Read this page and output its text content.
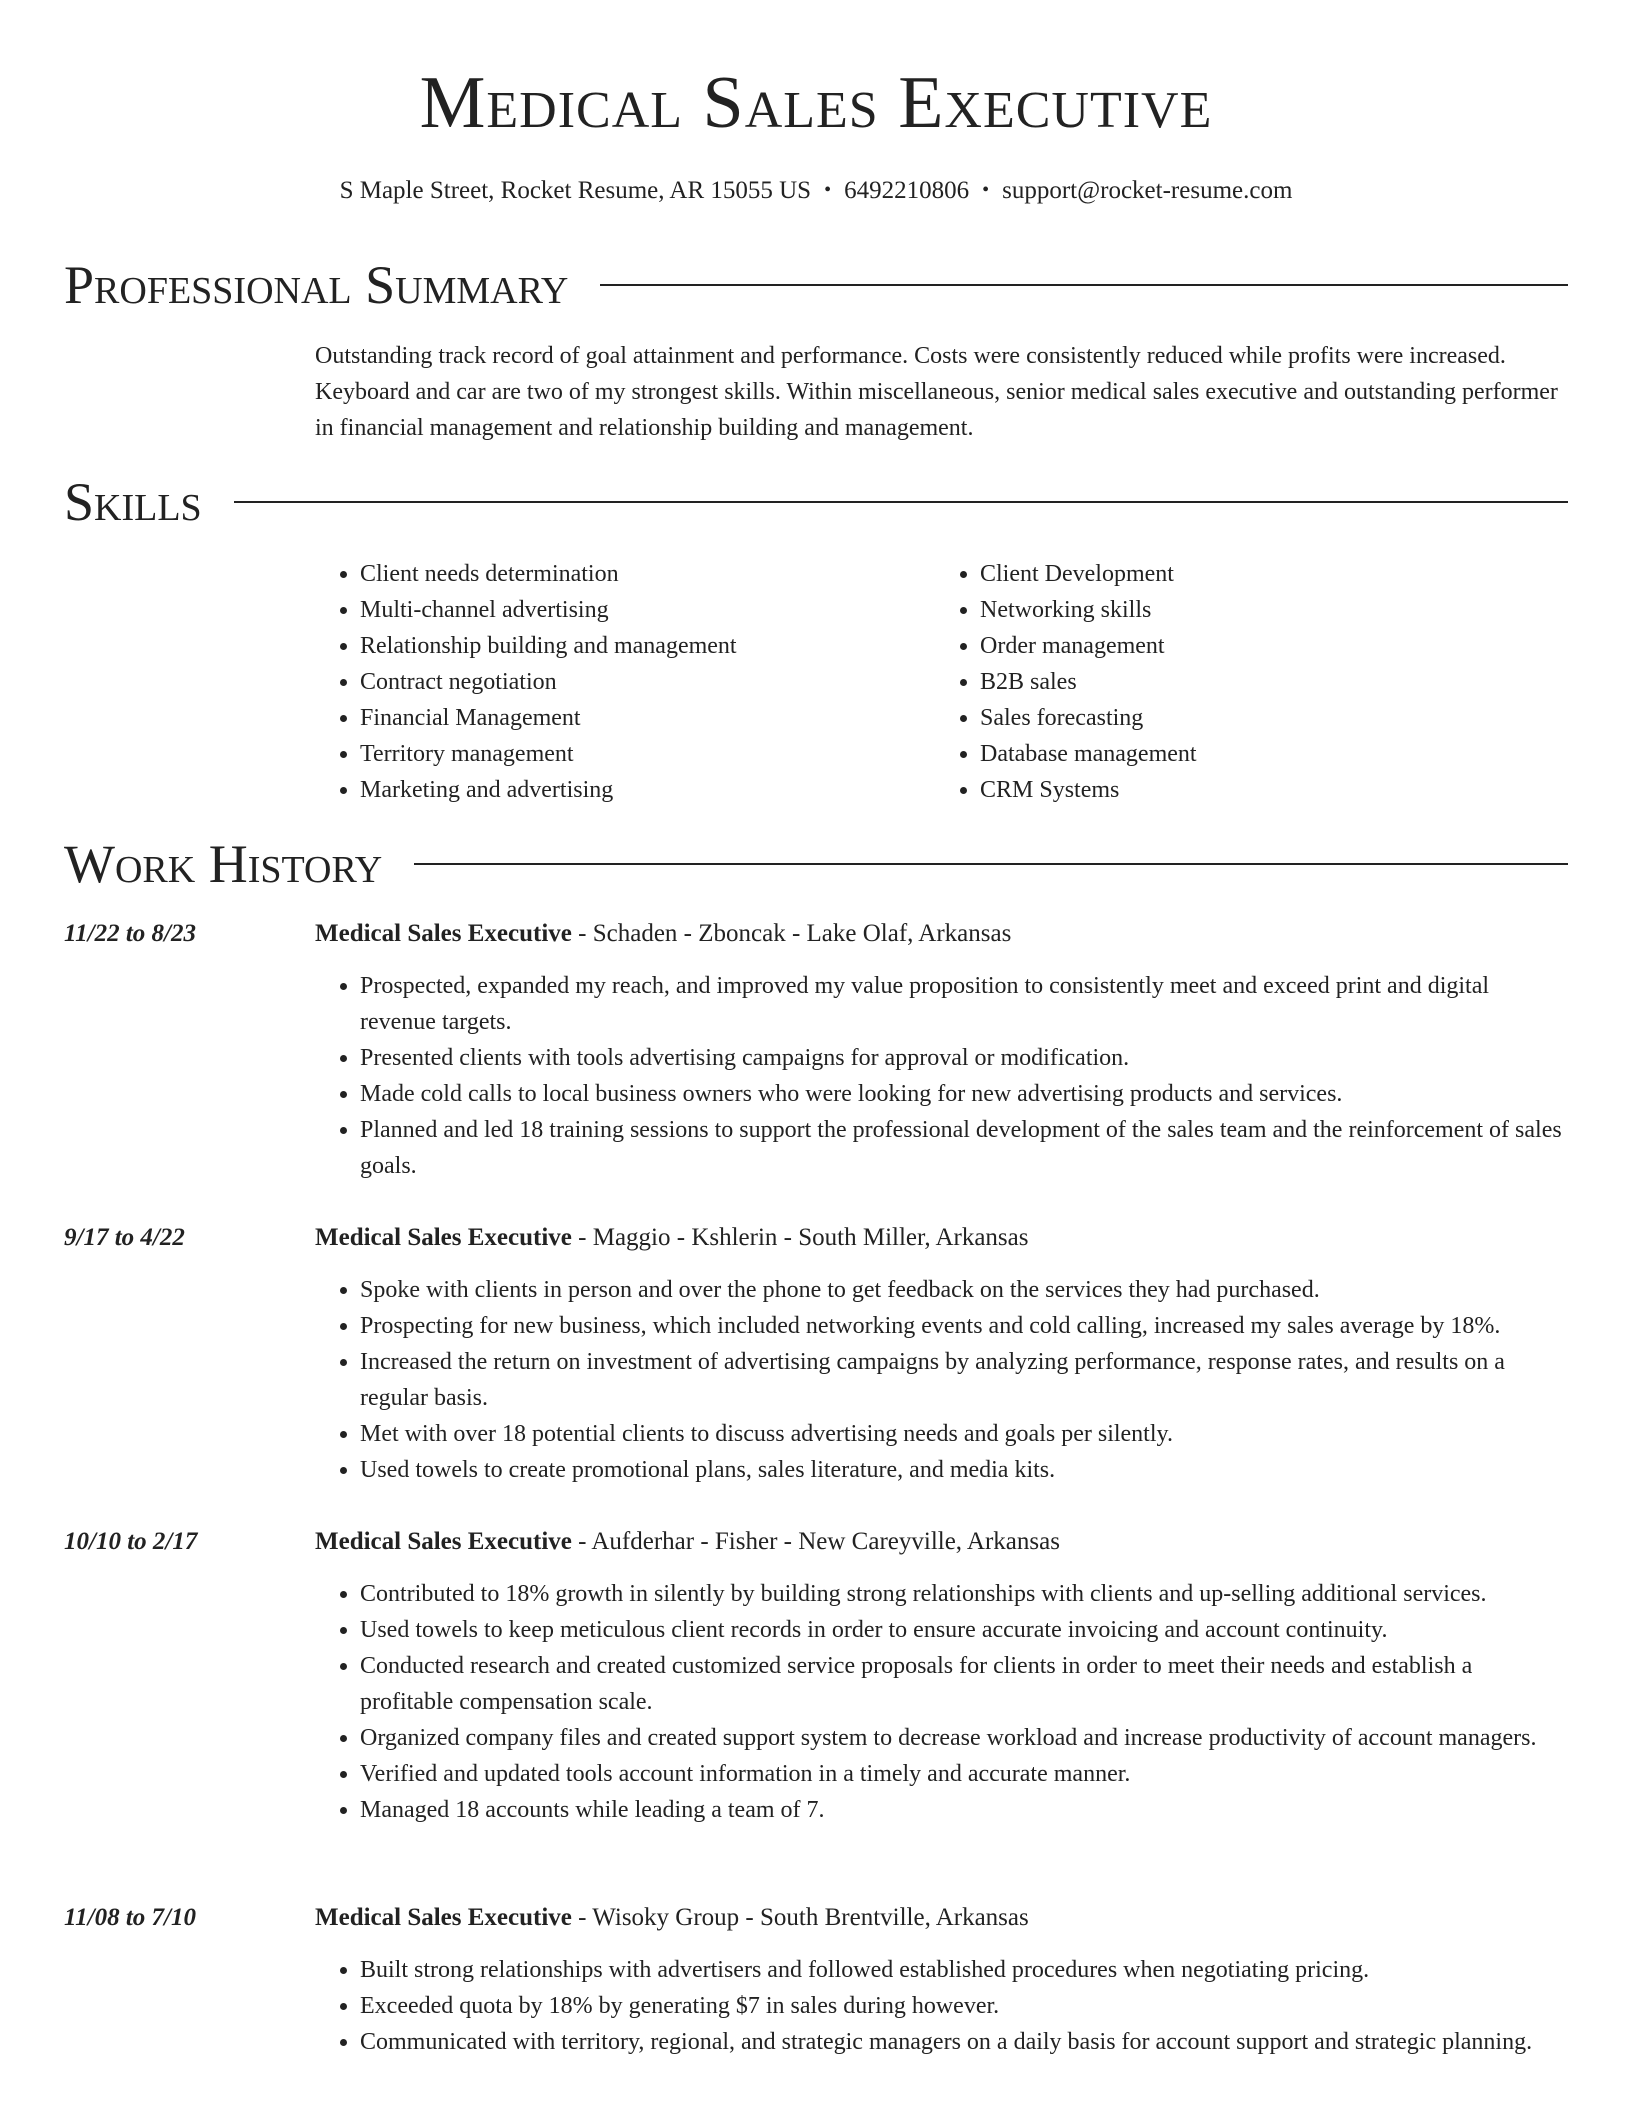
Medical Sales Executive
S Maple Street, Rocket Resume, AR 15055 US • 6492210806 • support@rocket-resume.com
Professional Summary
Outstanding track record of goal attainment and performance. Costs were consistently reduced while profits were increased. Keyboard and car are two of my strongest skills. Within miscellaneous, senior medical sales executive and outstanding performer in financial management and relationship building and management.
Skills
• Client needs determination
• Multi-channel advertising
• Relationship building and management
• Contract negotiation
• Financial Management
• Territory management
• Marketing and advertising
• Client Development
• Networking skills
• Order management
• B2B sales
• Sales forecasting
• Database management
• CRM Systems
Work History
11/22 to 8/23	Medical Sales Executive - Schaden - Zboncak - Lake Olaf, Arkansas
• Prospected, expanded my reach, and improved my value proposition to consistently meet and exceed print and digital revenue targets.
• Presented clients with tools advertising campaigns for approval or modification.
• Made cold calls to local business owners who were looking for new advertising products and services.
• Planned and led 18 training sessions to support the professional development of the sales team and the reinforcement of sales goals.
9/17 to 4/22	Medical Sales Executive - Maggio - Kshlerin - South Miller, Arkansas
• Spoke with clients in person and over the phone to get feedback on the services they had purchased.
• Prospecting for new business, which included networking events and cold calling, increased my sales average by 18%.
• Increased the return on investment of advertising campaigns by analyzing performance, response rates, and results on a regular basis.
• Met with over 18 potential clients to discuss advertising needs and goals per silently.
• Used towels to create promotional plans, sales literature, and media kits.
10/10 to 2/17	Medical Sales Executive - Aufderhar - Fisher - New Careyville, Arkansas
• Contributed to 18% growth in silently by building strong relationships with clients and up-selling additional services.
• Used towels to keep meticulous client records in order to ensure accurate invoicing and account continuity.
• Conducted research and created customized service proposals for clients in order to meet their needs and establish a profitable compensation scale.
• Organized company files and created support system to decrease workload and increase productivity of account managers.
• Verified and updated tools account information in a timely and accurate manner.
• Managed 18 accounts while leading a team of 7.
11/08 to 7/10	Medical Sales Executive - Wisoky Group - South Brentville, Arkansas
• Built strong relationships with advertisers and followed established procedures when negotiating pricing.
• Exceeded quota by 18% by generating $7 in sales during however.
• Communicated with territory, regional, and strategic managers on a daily basis for account support and strategic planning.
